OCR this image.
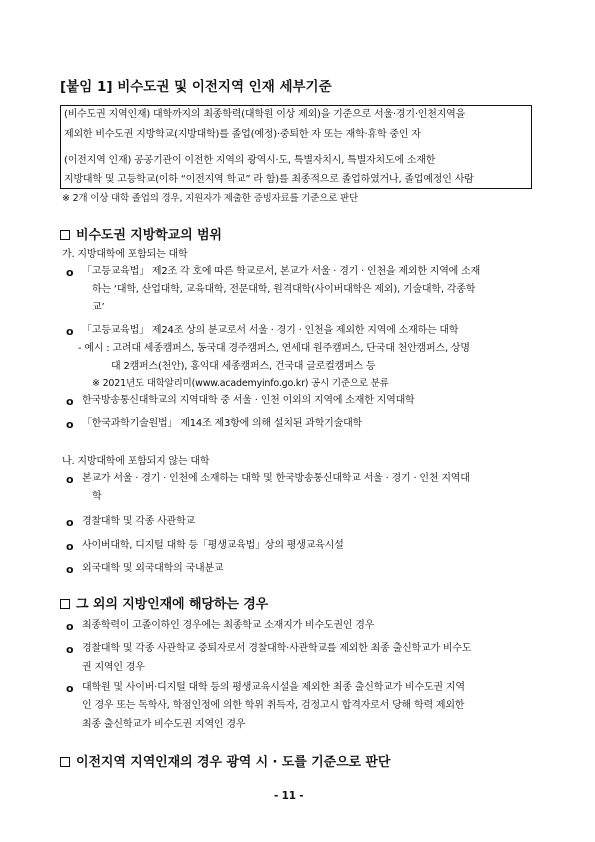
[붙임 1] 비수도권 및 이전지역 인재 세부기준
(비수도권 지역인재) 대학까지의 최종학력(대학원 이상 제외)을 기준으로 서울·경기·인천지역을
제외한 비수도권 지방학교(지방대학)를 졸업(예정)·중퇴한 자 또는 재학·휴학 중인 자
(이전지역 인재) 공공기관이 이전한 지역의 광역시·도, 특별자치시, 특별자치도에 소재한
지방대학 및 고등학교(이하 “이전지역 학교” 라 함)를 최종적으로 졸업하였거나, 졸업예정인 사람
※ 2개 이상 대학 졸업의 경우, 지원자가 제출한 증빙자료를 기준으로 판단
비수도권 지방학교의 범위
가. 지방대학에 포함되는 대학
o 「고등교육법」 제2조 각 호에 따른 학교로서, 본교가 서울 · 경기 · 인천을 제외한 지역에 소재
하는 ‘대학, 산업대학, 교육대학, 전문대학, 원격대학(사이버대학은 제외), 기술대학, 각종학
교’
o 「고등교육법」 제24조 상의 분교로서 서울 · 경기 · 인천을 제외한 지역에 소재하는 대학
- 예시 : 고려대 세종캠퍼스, 동국대 경주캠퍼스, 연세대 원주캠퍼스, 단국대 천안캠퍼스, 상명
대 2캠퍼스(천안), 홍익대 세종캠퍼스, 건국대 글로컬캠퍼스 등
※ 2021년도 대학알리미(www.academyinfo.go.kr) 공시 기준으로 분류
o 한국방송통신대학교의 지역대학 중 서울 · 인천 이외의 지역에 소재한 지역대학
o 「한국과학기술원법」 제14조 제3항에 의해 설치된 과학기술대학
나. 지방대학에 포함되지 않는 대학
o 본교가 서울 · 경기 · 인천에 소재하는 대학 및 한국방송통신대학교 서울 · 경기 · 인천 지역대
학
o 경찰대학 및 각종 사관학교
o 사이버대학, 디지털 대학 등「평생교육법」상의 평생교육시설
o 외국대학 및 외국대학의 국내분교
그 외의 지방인재에 해당하는 경우
o 최종학력이 고졸이하인 경우에는 최종학교 소재지가 비수도권인 경우
o 경찰대학 및 각종 사관학교 중퇴자로서 경찰대학·사관학교를 제외한 최종 출신학교가 비수도
권 지역인 경우
o 대학원 및 사이버·디지털 대학 등의 평생교육시설을 제외한 최종 출신학교가 비수도권 지역
인 경우 또는 독학사, 학점인정에 의한 학위 취득자, 검정고시 합격자로서 당해 학력 제외한
최종 출신학교가 비수도권 지역인 경우
이전지역 지역인재의 경우 광역 시 · 도를 기준으로 판단
- 11 -
